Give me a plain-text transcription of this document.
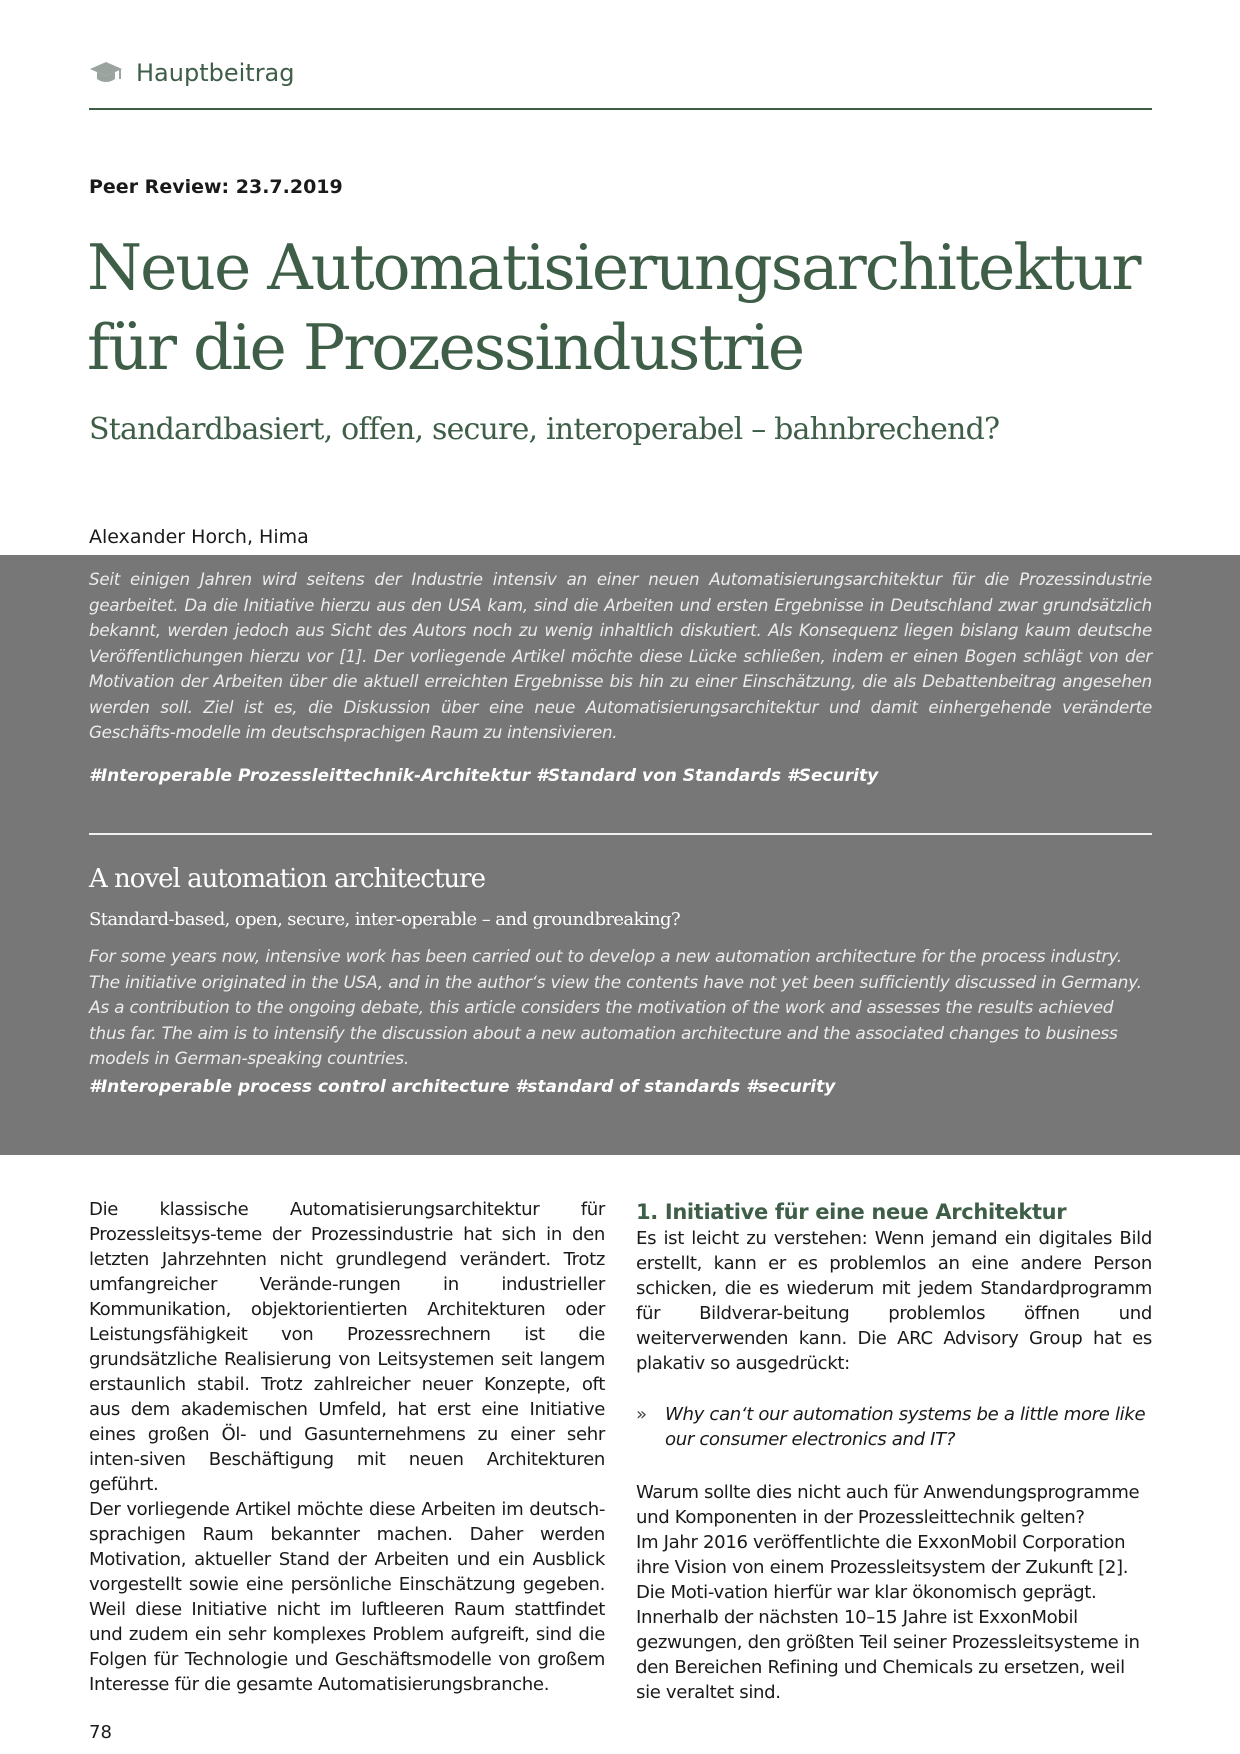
Hauptbeitrag
Peer Review: 23.7.2019
Neue Automatisierungsarchitektur
für die Prozessindustrie
Standardbasiert, offen, secure, interoperabel – bahnbrechend?
Alexander Horch, Hima

Seit einigen Jahren wird seitens der Industrie intensiv an einer neuen Automatisierungsarchitektur für die Prozessindustrie gearbeitet. Da die Initiative hierzu aus den USA kam, sind die Arbeiten und ersten Ergebnisse in Deutschland zwar grundsätzlich bekannt, werden jedoch aus Sicht des Autors noch zu wenig inhaltlich diskutiert. Als Konsequenz liegen bislang kaum deutsche Veröffentlichungen hierzu vor [1]. Der vorliegende Artikel möchte diese Lücke schließen, indem er einen Bogen schlägt von der Motivation der Arbeiten über die aktuell erreichten Ergebnisse bis hin zu einer Einschätzung, die als Debattenbeitrag angesehen werden soll. Ziel ist es, die Diskussion über eine neue Automatisierungsarchitektur und damit einhergehende veränderte Geschäfts-modelle im deutschsprachigen Raum zu intensivieren.

#Interoperable Prozessleittechnik-Architektur #Standard von Standards #Security
A novel automation architecture
Standard-based, open, secure, inter-operable – and groundbreaking?

For some years now, intensive work has been carried out to develop a new automation architecture for the process industry. The initiative originated in the USA, and in the author‘s view the contents have not yet been sufficiently discussed in Germany. As a contribution to the ongoing debate, this article considers the motivation of the work and assesses the results achieved thus far. The aim is to intensify the discussion about a new automation architecture and the associated changes to business models in German-speaking countries.

#Interoperable process control architecture #standard of standards #security

Die klassische Automatisierungsarchitektur für Prozessleitsys-teme der Prozessindustrie hat sich in den letzten Jahrzehnten nicht grundlegend verändert. Trotz umfangreicher Verände-rungen in industrieller Kommunikation, objektorientierten Architekturen oder Leistungsfähigkeit von Prozessrechnern ist die grundsätzliche Realisierung von Leitsystemen seit langem erstaunlich stabil. Trotz zahlreicher neuer Konzepte, oft aus dem akademischen Umfeld, hat erst eine Initiative eines großen Öl- und Gasunternehmens zu einer sehr inten-siven Beschäftigung mit neuen Architekturen geführt.

Der vorliegende Artikel möchte diese Arbeiten im deutsch-sprachigen Raum bekannter machen. Daher werden Motivation, aktueller Stand der Arbeiten und ein Ausblick vorgestellt sowie eine persönliche Einschätzung gegeben. Weil diese Initiative nicht im luftleeren Raum stattfindet und zudem ein sehr komplexes Problem aufgreift, sind die Folgen für Technologie und Geschäftsmodelle von großem Interesse für die gesamte Automatisierungsbranche.

1. Initiative für eine neue Architektur

Es ist leicht zu verstehen: Wenn jemand ein digitales Bild erstellt, kann er es problemlos an eine andere Person schicken, die es wiederum mit jedem Standardprogramm für Bildverar-beitung problemlos öffnen und weiterverwenden kann. Die ARC Advisory Group hat es plakativ so ausgedrückt:

» Why can‘t our automation systems be a little more like our consumer electronics and IT?

Warum sollte dies nicht auch für Anwendungsprogramme und Komponenten in der Prozessleittechnik gelten?

Im Jahr 2016 veröffentlichte die ExxonMobil Corporation ihre Vision von einem Prozessleitsystem der Zukunft [2]. Die Moti-vation hierfür war klar ökonomisch geprägt. Innerhalb der nächsten 10–15 Jahre ist ExxonMobil gezwungen, den größten Teil seiner Prozessleitsysteme in den Bereichen Refining und Chemicals zu ersetzen, weil sie veraltet sind.

78
